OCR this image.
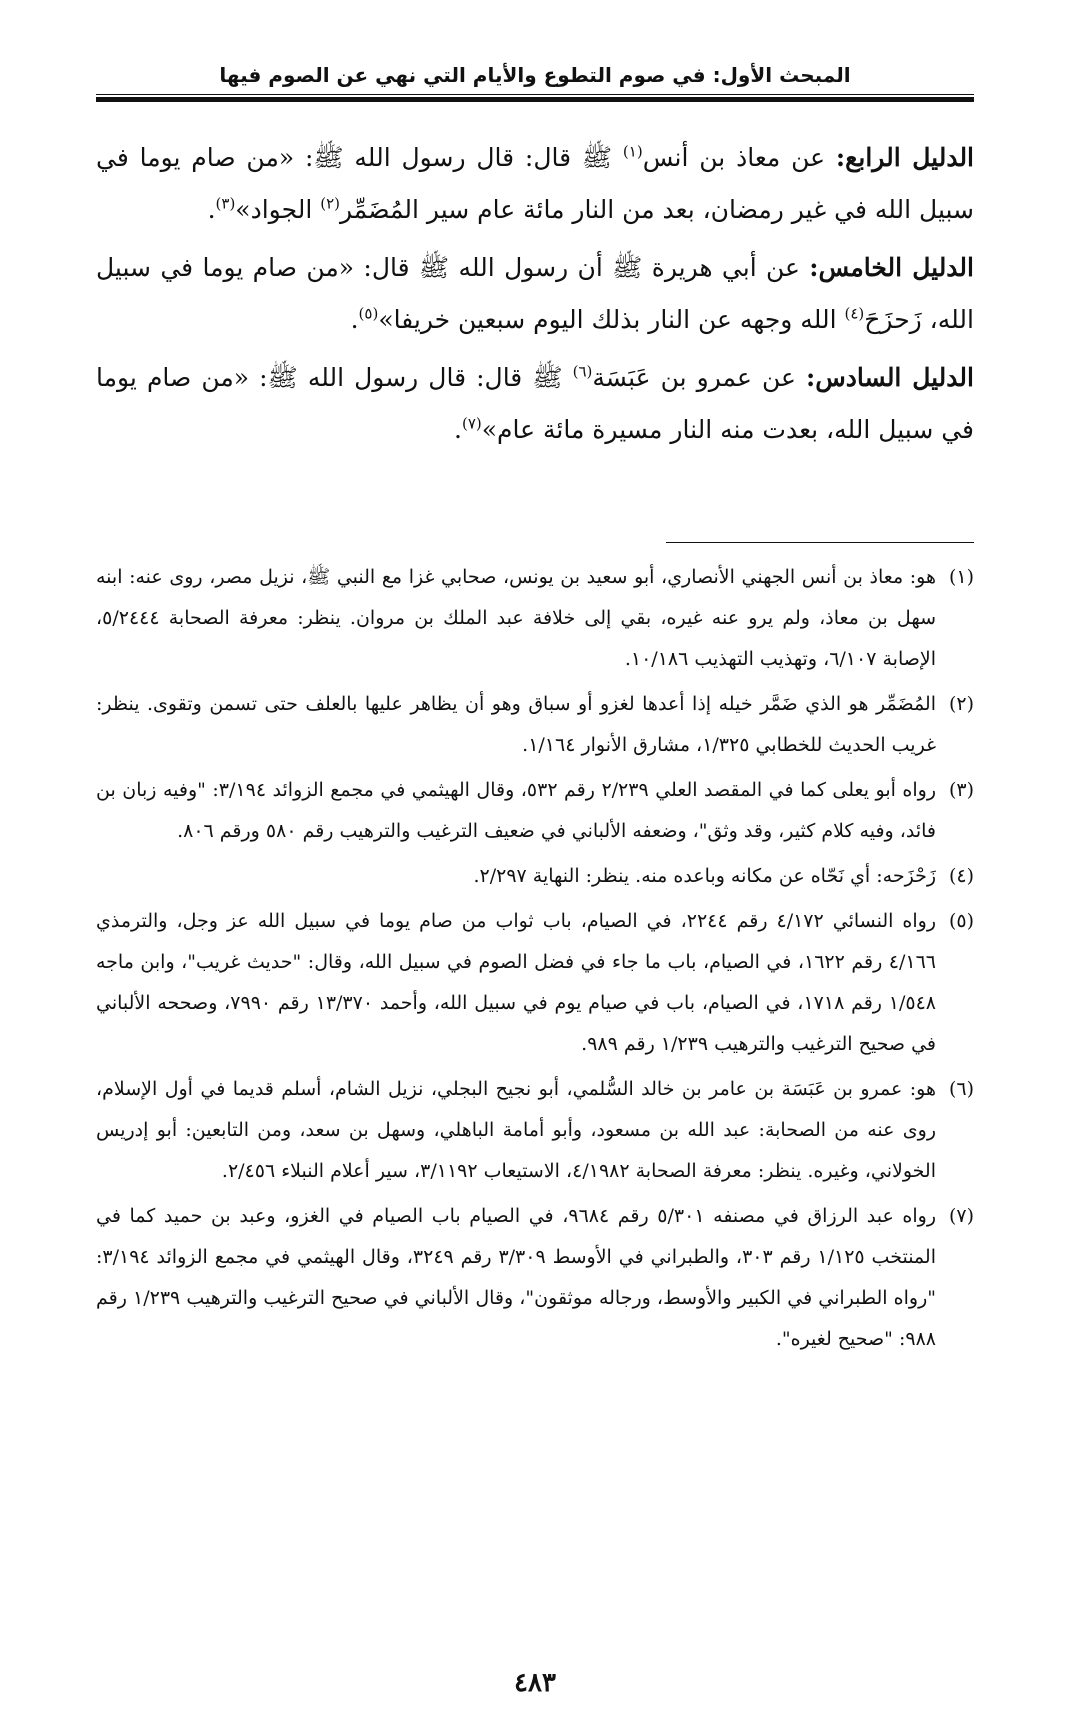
المبحث الأول: في صوم التطوع والأيام التي نهي عن الصوم فيها

الدليل الرابع: عن معاذ بن أنس$^{(١)}$ ﷺ قال: قال رسول الله ﷺ: «من صام يوما في سبيل الله في غير رمضان، بعد من النار مائة عام سير المُضَمِّر$^{(٢)}$ الجواد»$^{(٣)}$.

الدليل الخامس: عن أبي هريرة ﷺ أن رسول الله ﷺ قال: «من صام يوما في سبيل الله، زَحزَحَ$^{(٤)}$ الله وجهه عن النار بذلك اليوم سبعين خريفا»$^{(٥)}$.

الدليل السادس: عن عمرو بن عَبَسَة$^{(٦)}$ ﷺ قال: قال رسول الله ﷺ: «من صام يوما في سبيل الله، بعدت منه النار مسيرة مائة عام»$^{(٧)}$.

(١)
هو: معاذ بن أنس الجهني الأنصاري، أبو سعيد بن يونس، صحابي غزا مع النبي ﷺ، نزيل مصر، روى عنه: ابنه سهل بن معاذ، ولم يرو عنه غيره، بقي إلى خلافة عبد الملك بن مروان. ينظر: معرفة الصحابة ٥/٢٤٤٤، الإصابة ٦/١٠٧، وتهذيب التهذيب ١٠/١٨٦.
(٢)
المُضَمِّر هو الذي ضَمَّر خيله إذا أعدها لغزو أو سباق وهو أن يظاهر عليها بالعلف حتى تسمن وتقوى. ينظر: غريب الحديث للخطابي ١/٣٢٥، مشارق الأنوار ١/١٦٤.
(٣)
رواه أبو يعلى كما في المقصد العلي ٢/٢٣٩ رقم ٥٣٢، وقال الهيثمي في مجمع الزوائد ٣/١٩٤: "وفيه زبان بن فائد، وفيه كلام كثير، وقد وثق"، وضعفه الألباني في ضعيف الترغيب والترهيب رقم ٥٨٠ ورقم ٨٠٦.
(٤)
زَحْزَحه: أي نَحّاه عن مكانه وباعده منه. ينظر: النهاية ٢/٢٩٧.
(٥)
رواه النسائي ٤/١٧٢ رقم ٢٢٤٤، في الصيام، باب ثواب من صام يوما في سبيل الله عز وجل، والترمذي ٤/١٦٦ رقم ١٦٢٢، في الصيام، باب ما جاء في فضل الصوم في سبيل الله، وقال: "حديث غريب"، وابن ماجه ١/٥٤٨ رقم ١٧١٨، في الصيام، باب في صيام يوم في سبيل الله، وأحمد ١٣/٣٧٠ رقم ٧٩٩٠، وصححه الألباني في صحيح الترغيب والترهيب ١/٢٣٩ رقم ٩٨٩.
(٦)
هو: عمرو بن عَبَسَة بن عامر بن خالد السُّلمي، أبو نجيح البجلي، نزيل الشام، أسلم قديما في أول الإسلام، روى عنه من الصحابة: عبد الله بن مسعود، وأبو أمامة الباهلي، وسهل بن سعد، ومن التابعين: أبو إدريس الخولاني، وغيره. ينظر: معرفة الصحابة ٤/١٩٨٢، الاستيعاب ٣/١١٩٢، سير أعلام النبلاء ٢/٤٥٦.
(٧)
رواه عبد الرزاق في مصنفه ٥/٣٠١ رقم ٩٦٨٤، في الصيام باب الصيام في الغزو، وعبد بن حميد كما في المنتخب ١/١٢٥ رقم ٣٠٣، والطبراني في الأوسط ٣/٣٠٩ رقم ٣٢٤٩، وقال الهيثمي في مجمع الزوائد ٣/١٩٤: "رواه الطبراني في الكبير والأوسط، ورجاله موثقون"، وقال الألباني في صحيح الترغيب والترهيب ١/٢٣٩ رقم ٩٨٨: "صحيح لغيره".
٤٨٣
